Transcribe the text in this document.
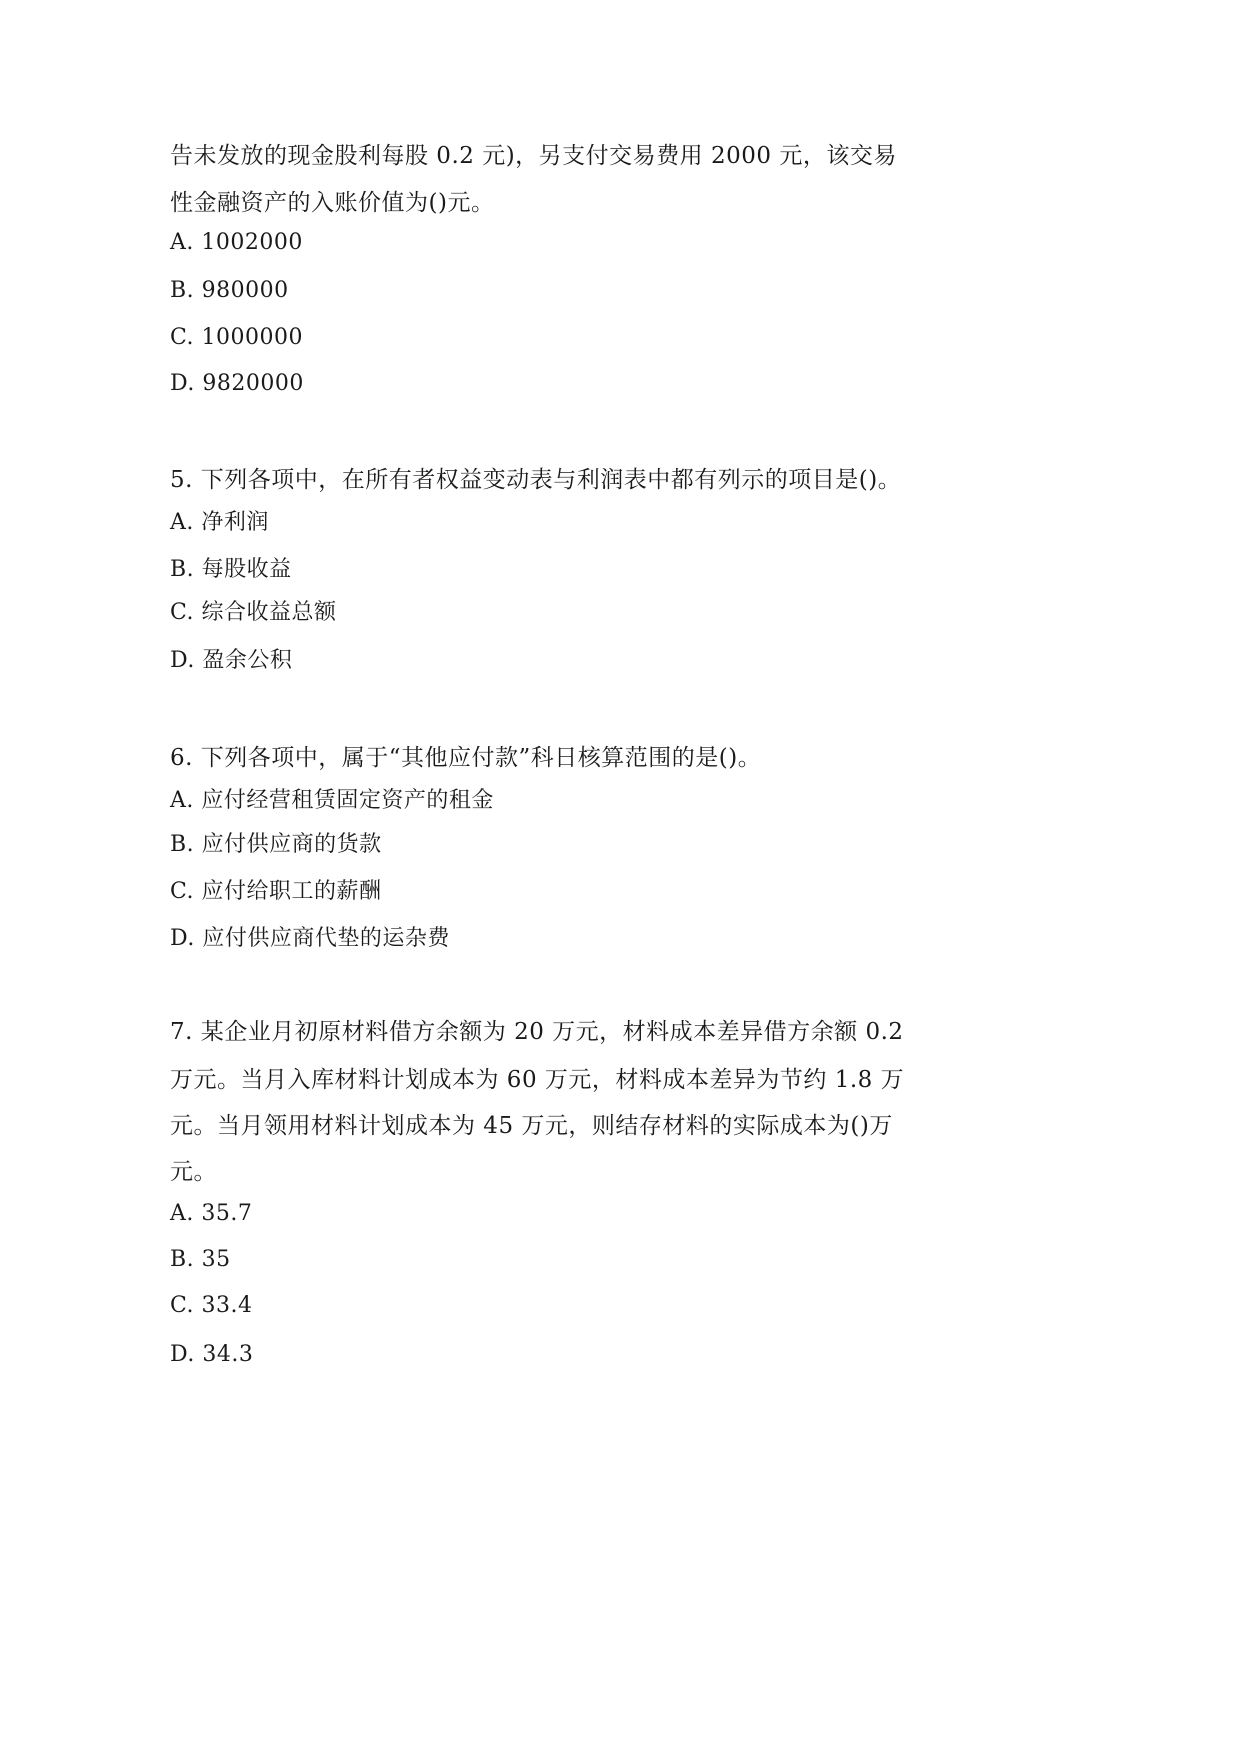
告未发放的现金股利每股 0.2 元)，另支付交易费用 2000 元，该交易
性金融资产的入账价值为()元。
A. 1002000
B. 980000
C. 1000000
D. 9820000
5. 下列各项中，在所有者权益变动表与利润表中都有列示的项目是()。
A. 净利润
B. 每股收益
C. 综合收益总额
D. 盈余公积
6. 下列各项中，属于“其他应付款”科日核算范围的是()。
A. 应付经营租赁固定资产的租金
B. 应付供应商的货款
C. 应付给职工的薪酬
D. 应付供应商代垫的运杂费
7. 某企业月初原材料借方余额为 20 万元，材料成本差异借方余额 0.2
万元。当月入库材料计划成本为 60 万元，材料成本差异为节约 1.8 万
元。当月领用材料计划成本为 45 万元，则结存材料的实际成本为()万
元。
A. 35.7
B. 35
C. 33.4
D. 34.3
